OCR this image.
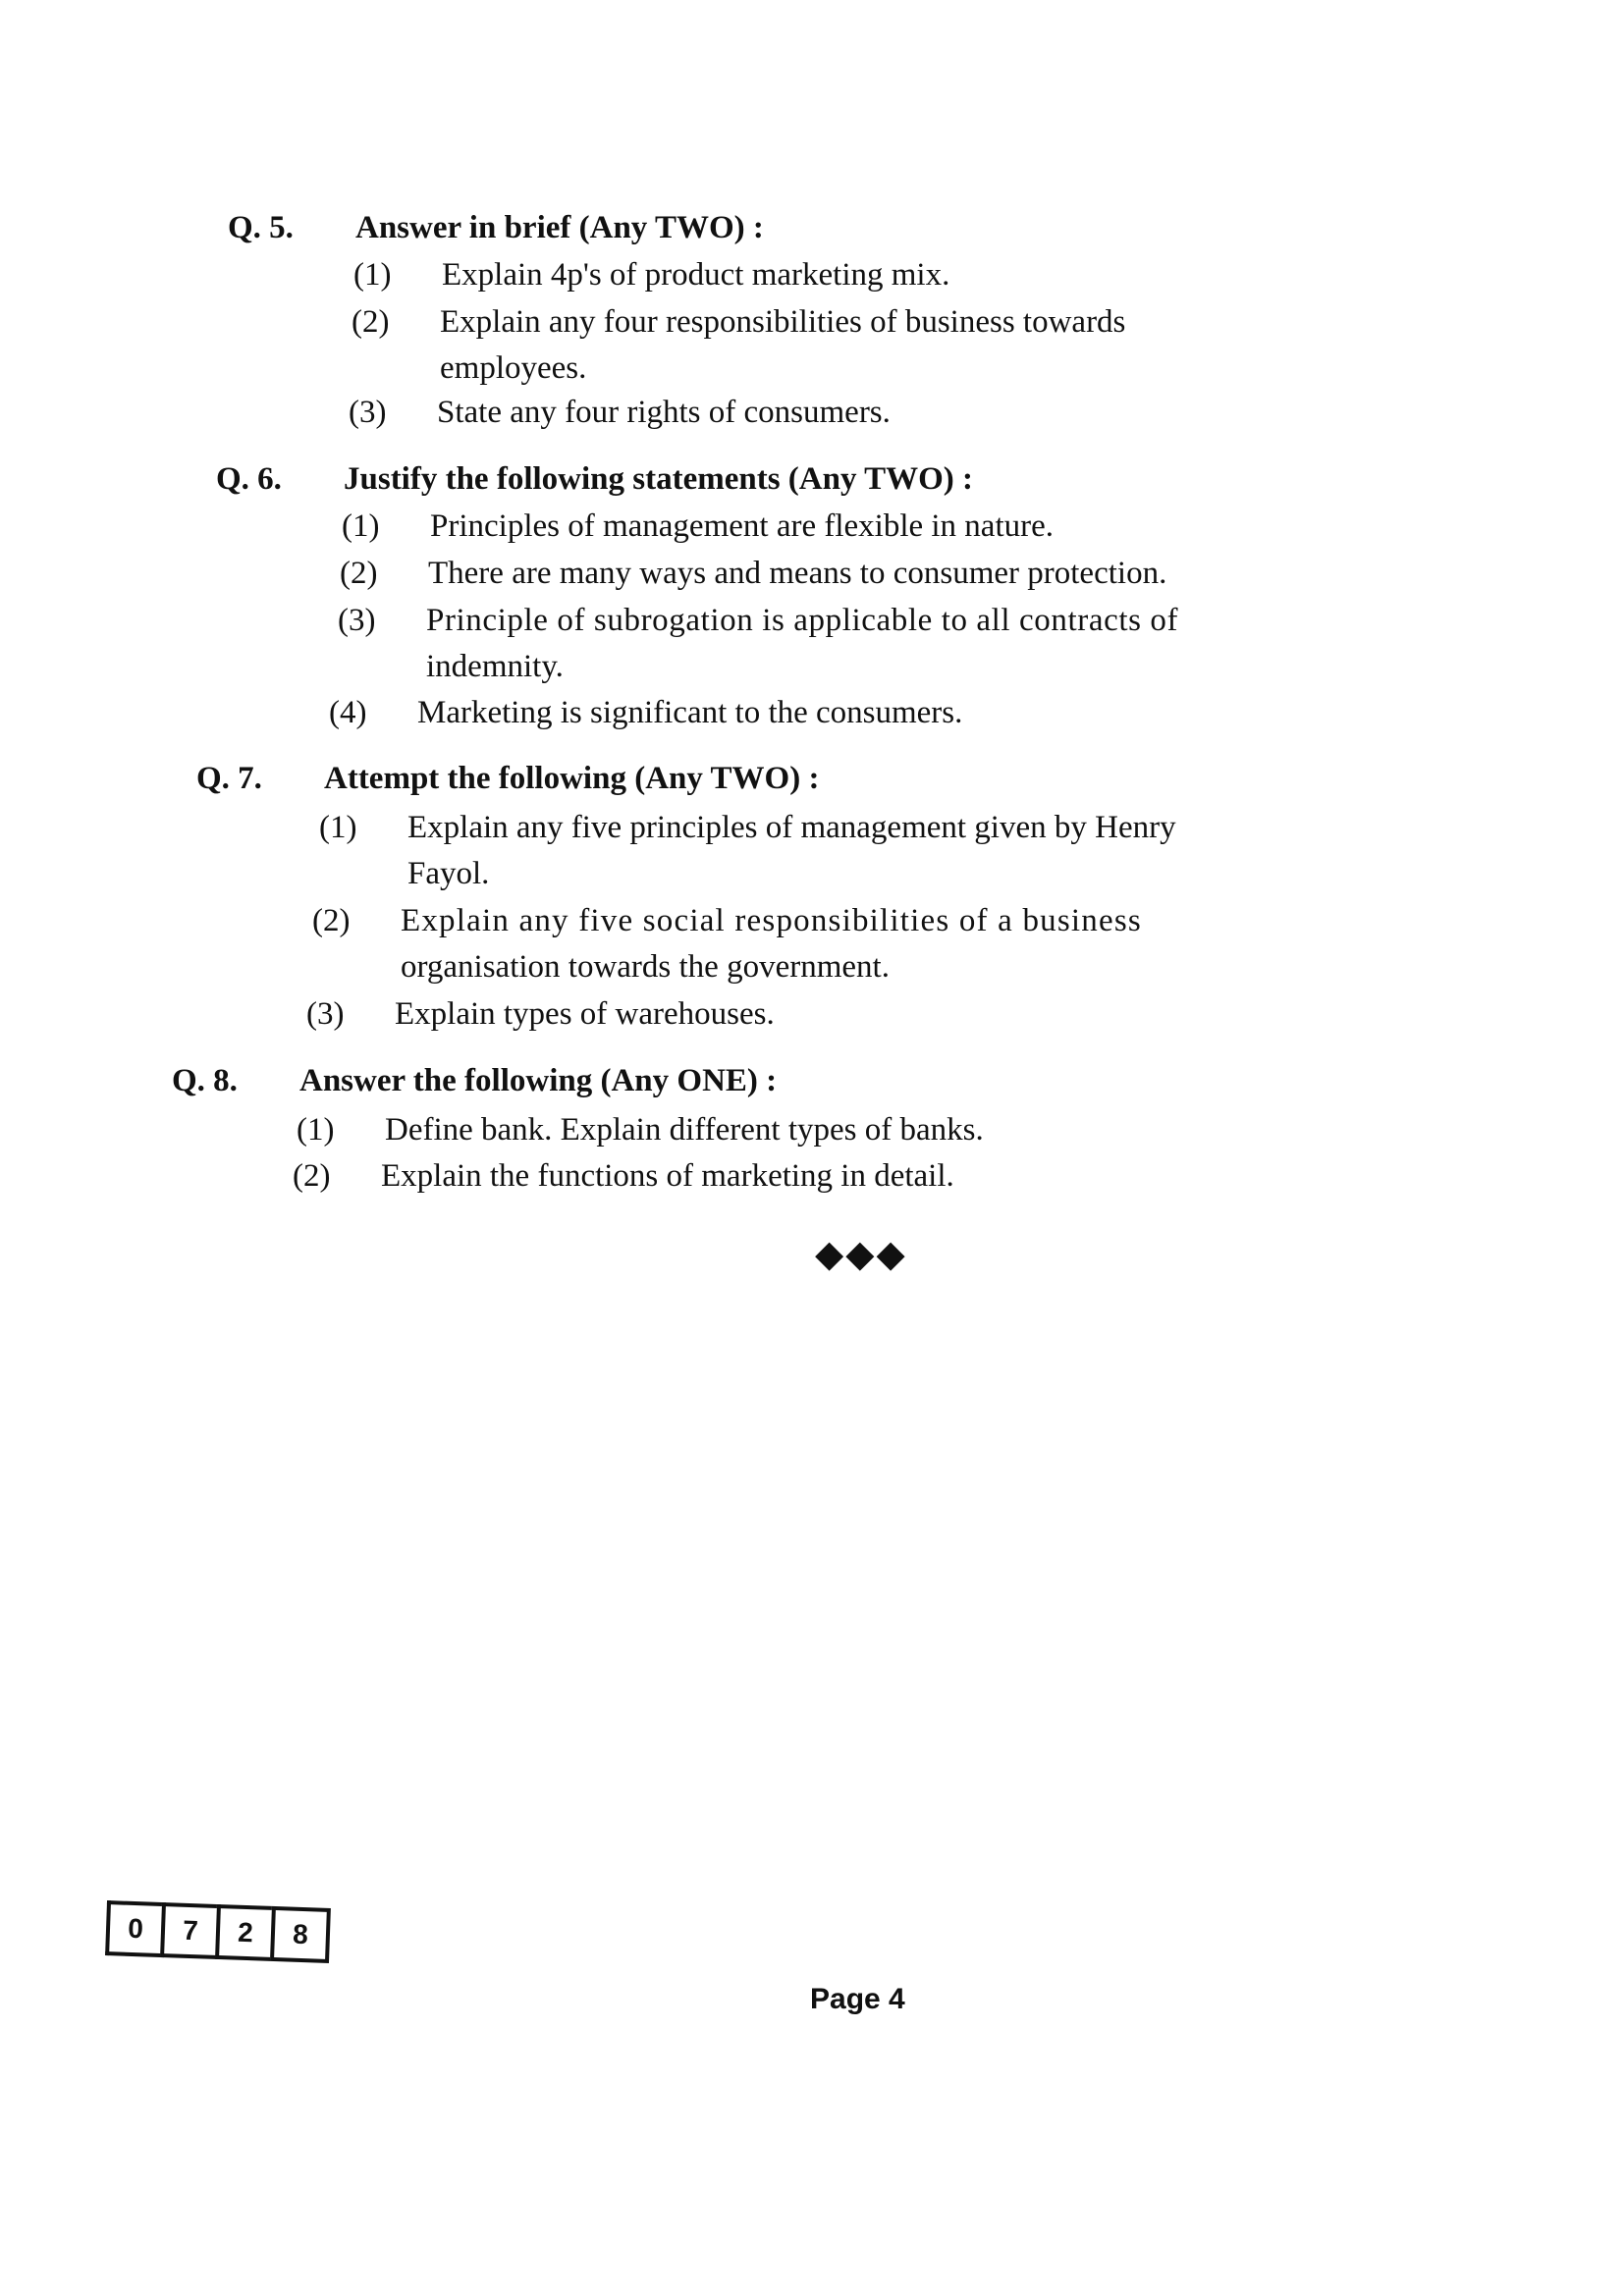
Q. 5. Answer in brief (Any TWO) :
(1) Explain 4p's of product marketing mix.
(2) Explain any four responsibilities of business towards
employees.
(3) State any four rights of consumers.
Q. 6. Justify the following statements (Any TWO) :
(1) Principles of management are flexible in nature.
(2) There are many ways and means to consumer protection.
(3) Principle of subrogation is applicable to all contracts of
indemnity.
(4) Marketing is significant to the consumers.
Q. 7. Attempt the following (Any TWO) :
(1) Explain any five principles of management given by Henry
Fayol.
(2) Explain any five social responsibilities of a business
organisation towards the government.
(3) Explain types of warehouses.
Q. 8. Answer the following (Any ONE) :
(1) Define bank. Explain different types of banks.
(2) Explain the functions of marketing in detail.
◆◆◆
0	7	2	8
Page 4
